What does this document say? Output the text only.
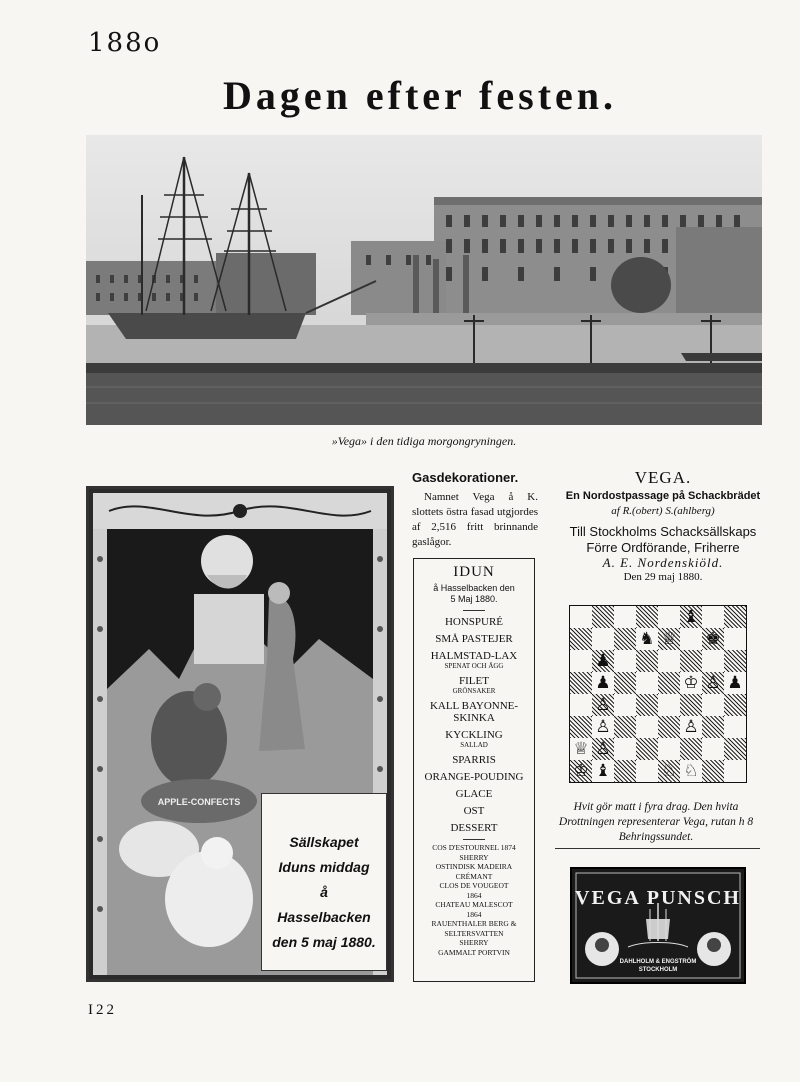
188o
Dagen efter festen.
»Vega» i den tidiga morgongryningen.
APPLE-CONFECTS
Sällskapet
Iduns middag
å
Hasselbacken
den 5 maj 1880.
Gasdekorationer.
Namnet Vega å K. slottets östra fasad utgjordes af 2,516 fritt brinnande gaslågor.
IDUN
å Hasselbacken den
5 Maj 1880.
HONSPURÉ
SMÅ PASTEJER
HALMSTAD-LAX
SPENAT OCH ÄGG
FILET
GRÖNSAKER
KALL BAYONNE-SKINKA
KYCKLING
SALLAD
SPARRIS
ORANGE-POUDING
GLACE
OST
DESSERT
COS D'ESTOURNEL 1874
SHERRY
OSTINDISK MADEIRA
CRÉMANT
CLOS DE VOUGEOT
1864
CHATEAU MALESCOT
1864
RAUENTHALER BERG &
SELTERSVATTEN
SHERRY
GAMMALT PORTVIN
VEGA.
En Nordostpassage på Schackbrädet
af R.(obert) S.(ahlberg)
Till Stockholms Schacksällskaps
Förre Ordförande, Friherre
A. E. Nordenskiöld.
Den 29 maj 1880.
♝
♞ ♕ ♚
♟
♔ ♙
♟	♟
♙
♙	♙
♕ ♙
♔ ♝	♘ ♘
Hvit gör matt i fyra drag. Den hvita Drottningen representerar Vega, rutan h 8 Behringssundet.
VEGA PUNSCH
DAHLHOLM & ENGSTRÖM
STOCKHOLM
I22
